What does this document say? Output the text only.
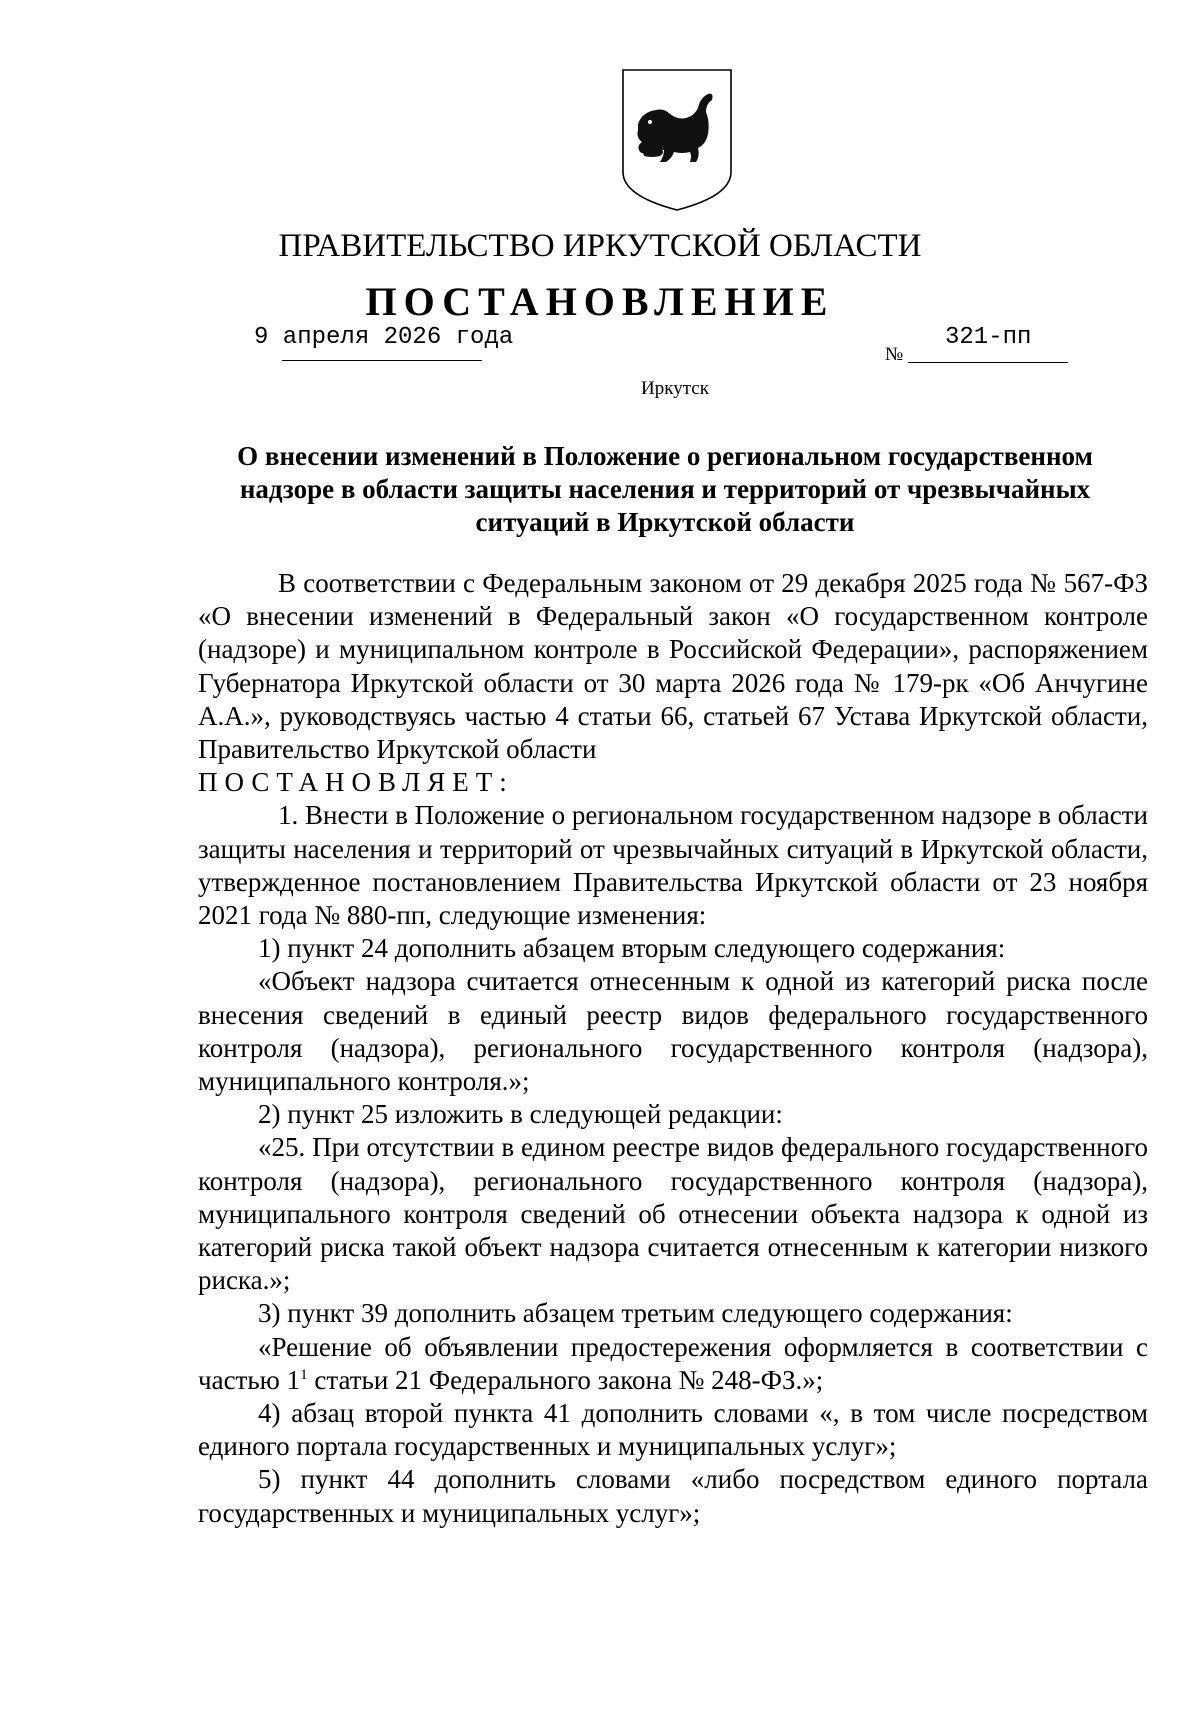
ПРАВИТЕЛЬСТВО ИРКУТСКОЙ ОБЛАСТИ
ПОСТАНОВЛЕНИЕ
9 апреля 2026 года
№
321-пп
Иркутск
О внесении изменений в Положение о региональном государственном надзоре в области защиты населения и территорий от чрезвычайных ситуаций в Иркутской области

В соответствии с Федеральным законом от 29 декабря 2025 года № 567-ФЗ «О внесении изменений в Федеральный закон «О государственном контроле (надзоре) и муниципальном контроле в Российской Федерации», распоряжением Губернатора Иркутской области от 30 марта 2026 года № 179-рк «Об Анчугине А.А.», руководствуясь частью 4 статьи 66, статьей 67 Устава Иркутской области, Правительство Иркутской области

ПОСТАНОВЛЯЕТ:

1. Внести в Положение о региональном государственном надзоре в области защиты населения и территорий от чрезвычайных ситуаций в Иркутской области, утвержденное постановлением Правительства Иркутской области от 23 ноября 2021 года № 880-пп, следующие изменения:

1) пункт 24 дополнить абзацем вторым следующего содержания:

«Объект надзора считается отнесенным к одной из категорий риска после внесения сведений в единый реестр видов федерального государственного контроля (надзора), регионального государственного контроля (надзора), муниципального контроля.»;

2) пункт 25 изложить в следующей редакции:

«25. При отсутствии в едином реестре видов федерального государственного контроля (надзора), регионального государственного контроля (надзора), муниципального контроля сведений об отнесении объекта надзора к одной из категорий риска такой объект надзора считается отнесенным к категории низкого риска.»;

3) пункт 39 дополнить абзацем третьим следующего содержания:

«Решение об объявлении предостережения оформляется в соответствии с частью $1^1$ статьи 21 Федерального закона № 248-ФЗ.»;

4) абзац второй пункта 41 дополнить словами «, в том числе посредством единого портала государственных и муниципальных услуг»;

5) пункт 44 дополнить словами «либо посредством единого портала государственных и муниципальных услуг»;
